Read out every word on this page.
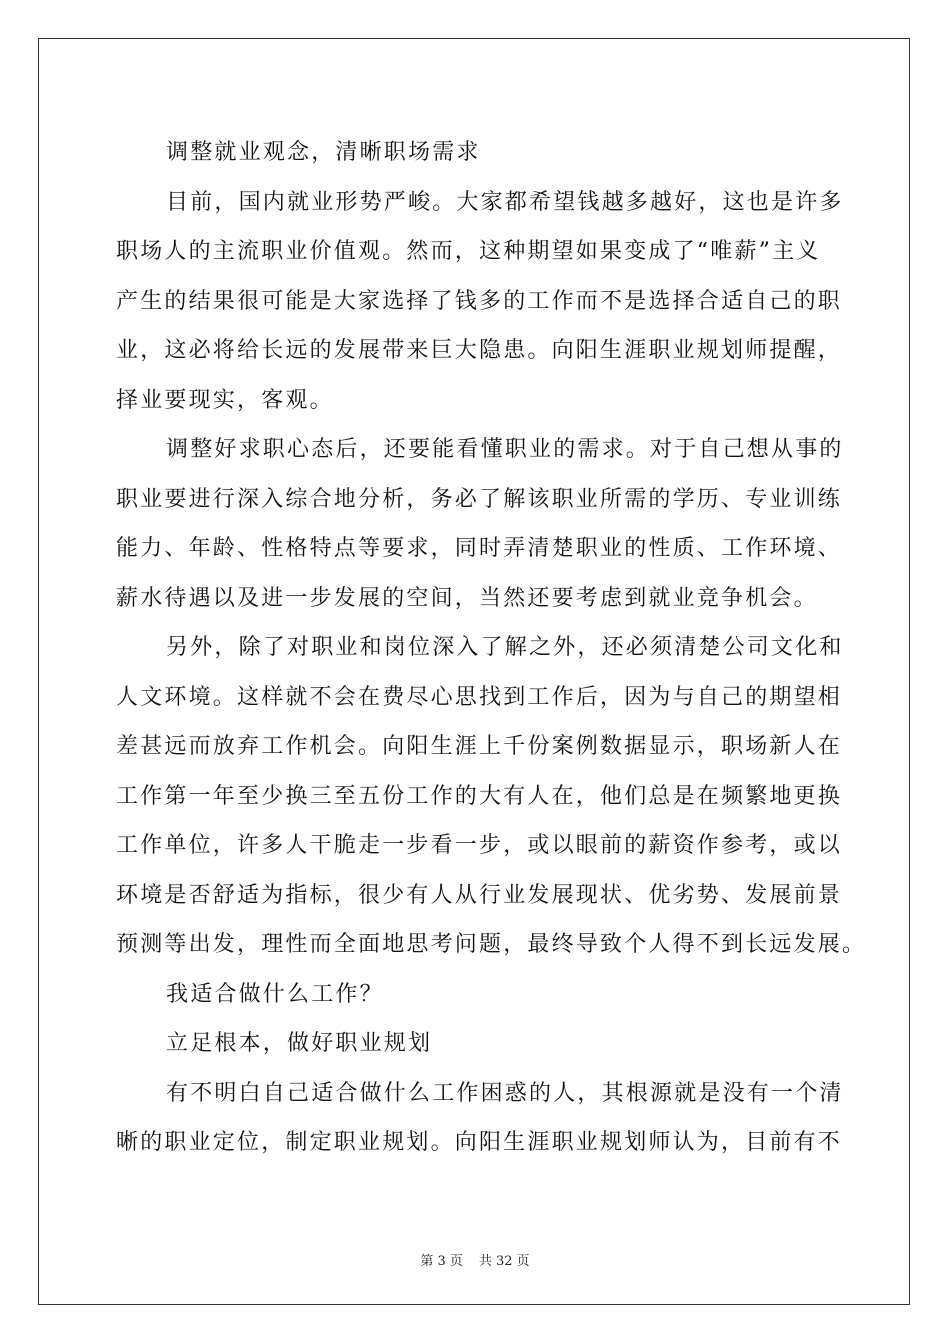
调整就业观念，清晰职场需求
目前，国内就业形势严峻。大家都希望钱越多越好，这也是许多
职场人的主流职业价值观。然而，这种期望如果变成了“唯薪”主义
产生的结果很可能是大家选择了钱多的工作而不是选择合适自己的职
业，这必将给长远的发展带来巨大隐患。向阳生涯职业规划师提醒，
择业要现实，客观。
调整好求职心态后，还要能看懂职业的需求。对于自己想从事的
职业要进行深入综合地分析，务必了解该职业所需的学历、专业训练
能力、年龄、性格特点等要求，同时弄清楚职业的性质、工作环境、
薪水待遇以及进一步发展的空间，当然还要考虑到就业竞争机会。
另外，除了对职业和岗位深入了解之外，还必须清楚公司文化和
人文环境。这样就不会在费尽心思找到工作后，因为与自己的期望相
差甚远而放弃工作机会。向阳生涯上千份案例数据显示，职场新人在
工作第一年至少换三至五份工作的大有人在，他们总是在频繁地更换
工作单位，许多人干脆走一步看一步，或以眼前的薪资作参考，或以
环境是否舒适为指标，很少有人从行业发展现状、优劣势、发展前景
预测等出发，理性而全面地思考问题，最终导致个人得不到长远发展。
我适合做什么工作？
立足根本，做好职业规划
有不明白自己适合做什么工作困惑的人，其根源就是没有一个清
晰的职业定位，制定职业规划。向阳生涯职业规划师认为，目前有不
第 3 页 共 32 页
